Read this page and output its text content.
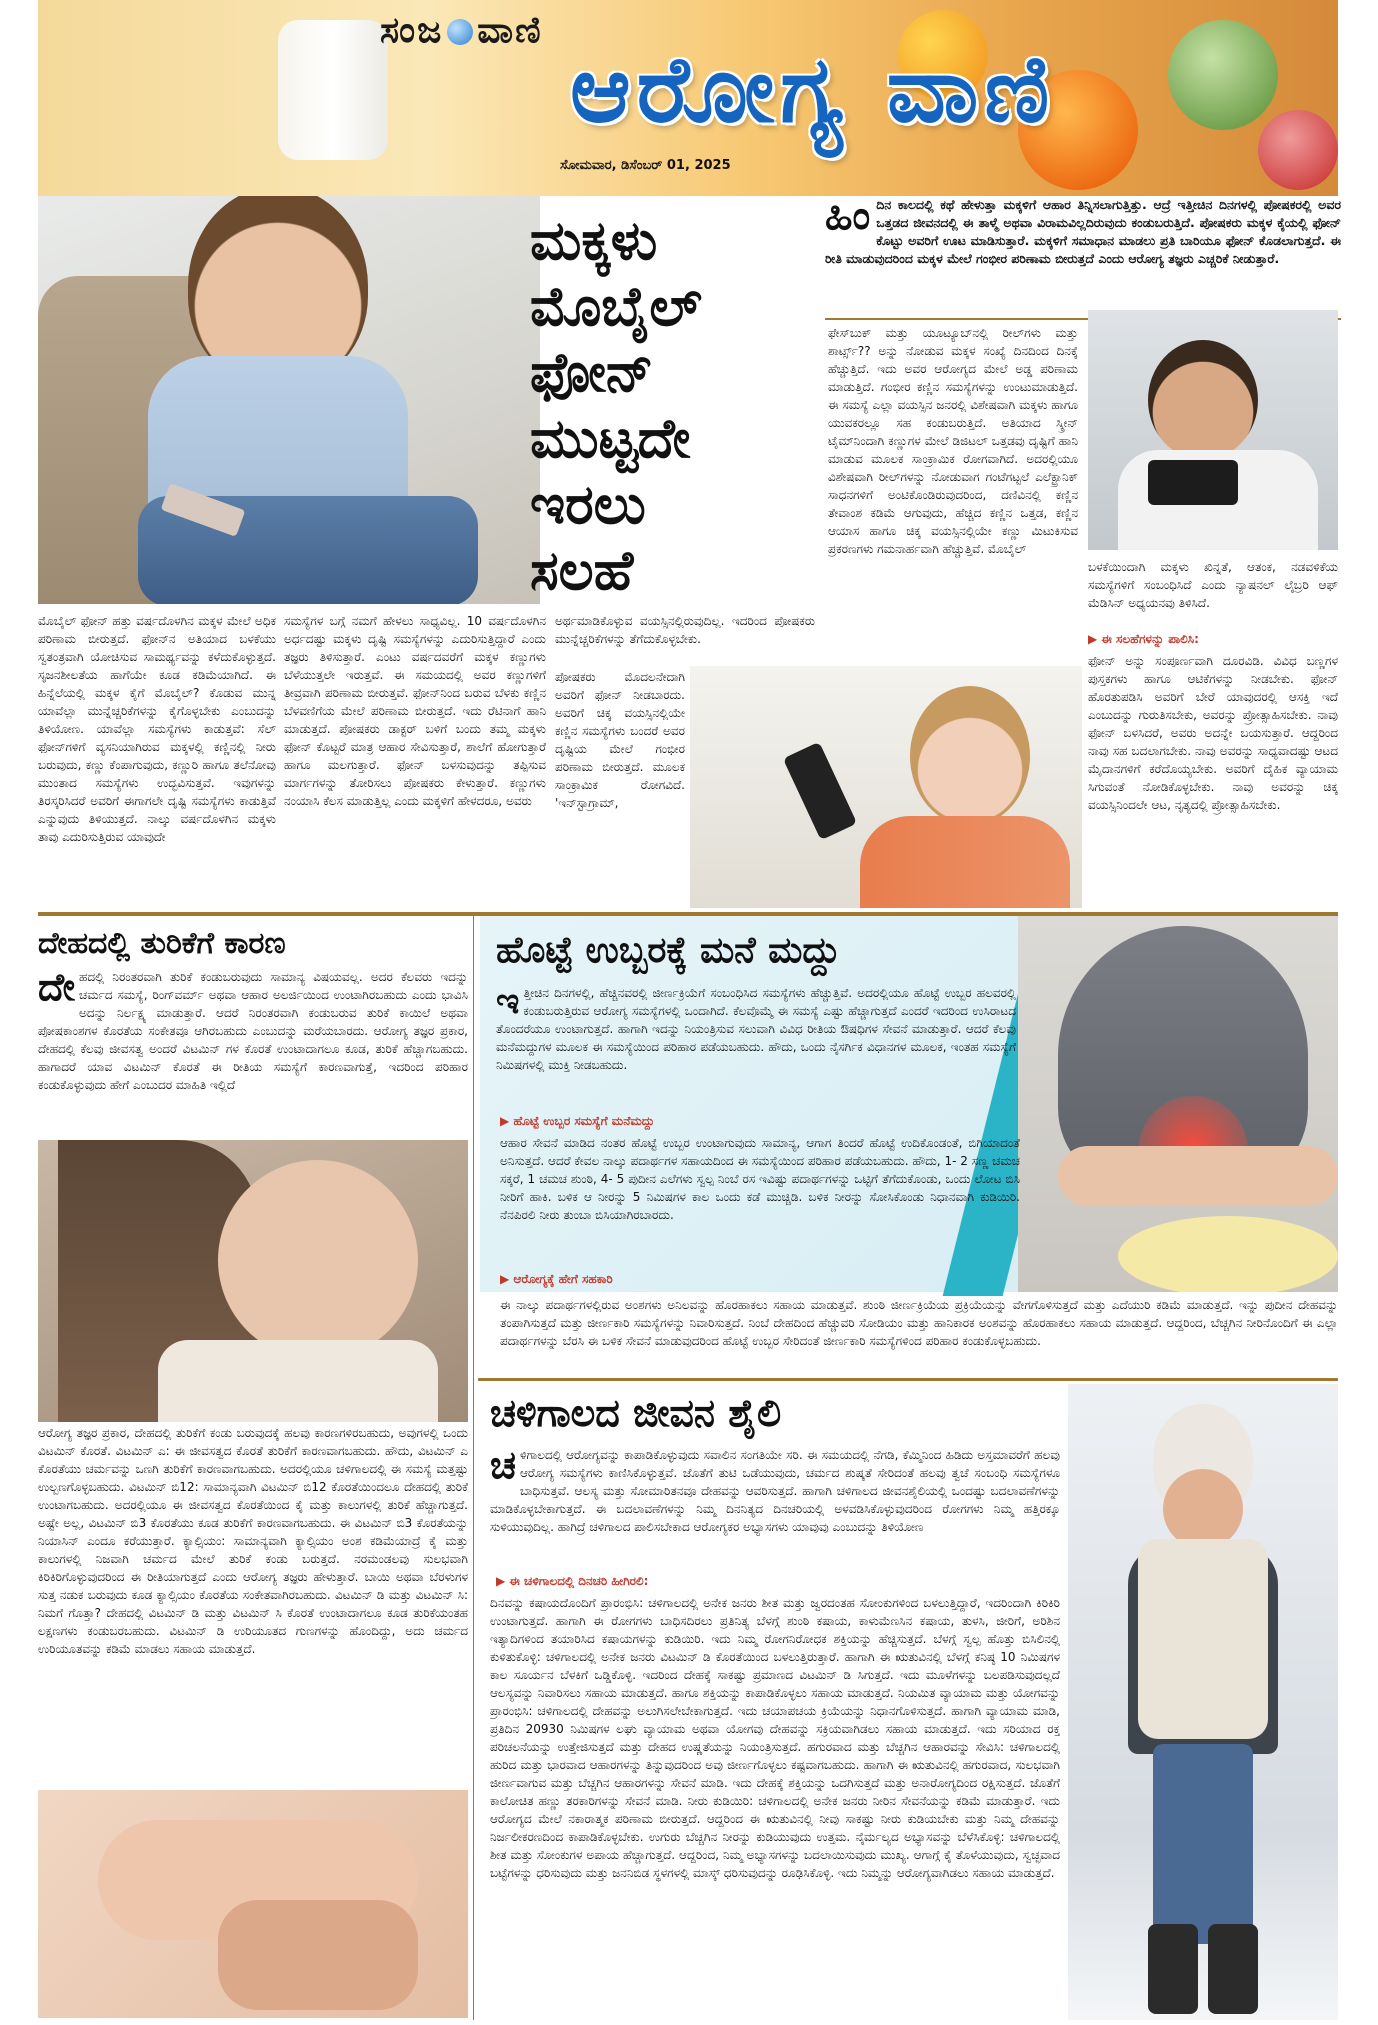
ಸಂಜ ವಾಣಿ
ಆರೋಗ್ಯ ವಾಣಿ
ಸೋಮವಾರ, ಡಿಸೆಂಬರ್ 01, 2025
ಮಕ್ಕಳು
ಮೊಬೈಲ್
ಫೋನ್
ಮುಟ್ಟದೇ
ಇರಲು
ಸಲಹೆ
ಹಿಂದಿನ ಕಾಲದಲ್ಲಿ ಕಥೆ ಹೇಳುತ್ತಾ ಮಕ್ಕಳಿಗೆ ಆಹಾರ ತಿನ್ನಿಸಲಾಗುತ್ತಿತ್ತು. ಆದ್ರೆ ಇತ್ತೀಚಿನ ದಿನಗಳಲ್ಲಿ ಪೋಷಕರಲ್ಲಿ ಅವರ ಒತ್ತಡದ ಜೀವನದಲ್ಲಿ ಈ ತಾಳ್ಮೆ ಅಥವಾ ವಿರಾಮವಿಲ್ಲದಿರುವುದು ಕಂಡುಬರುತ್ತಿದೆ. ಪೋಷಕರು ಮಕ್ಕಳ ಕೈಯಲ್ಲಿ ಫೋನ್ ಕೊಟ್ಟು ಅವರಿಗೆ ಊಟ ಮಾಡಿಸುತ್ತಾರೆ. ಮಕ್ಕಳಿಗೆ ಸಮಾಧಾನ ಮಾಡಲು ಪ್ರತಿ ಬಾರಿಯೂ ಫೋನ್ ಕೊಡಲಾಗುತ್ತದೆ. ಈ ರೀತಿ ಮಾಡುವುದರಿಂದ ಮಕ್ಕಳ ಮೇಲೆ ಗಂಭೀರ ಪರಿಣಾಮ ಬೀರುತ್ತದೆ ಎಂದು ಆರೋಗ್ಯ ತಜ್ಞರು ಎಚ್ಚರಿಕೆ ನೀಡುತ್ತಾರೆ.
ಫೇಸ್‌ಬುಕ್ ಮತ್ತು ಯೂಟ್ಯೂಬ್‌ನಲ್ಲಿ ರೀಲ್‌ಗಳು ಮತ್ತು ಶಾರ್ಟ್ಸ್?? ಅನ್ನು ನೋಡುವ ಮಕ್ಕಳ ಸಂಖ್ಯೆ ದಿನದಿಂದ ದಿನಕ್ಕೆ ಹೆಚ್ಚುತ್ತಿದೆ. ಇದು ಅವರ ಆರೋಗ್ಯದ ಮೇಲೆ ಅಡ್ಡ ಪರಿಣಾಮ ಮಾಡುತ್ತಿದೆ. ಗಂಭೀರ ಕಣ್ಣಿನ ಸಮಸ್ಯೆಗಳನ್ನು ಉಂಟುಮಾಡುತ್ತಿದೆ. ಈ ಸಮಸ್ಯೆ ಎಲ್ಲಾ ವಯಸ್ಸಿನ ಜನರಲ್ಲಿ ವಿಶೇಷವಾಗಿ ಮಕ್ಕಳು ಹಾಗೂ ಯುವಕರಲ್ಲೂ ಸಹ ಕಂಡುಬರುತ್ತಿದೆ. ಅತಿಯಾದ ಸ್ಕ್ರೀನ್ ಟೈಮ್‌ನಿಂದಾಗಿ ಕಣ್ಣುಗಳ ಮೇಲೆ ಡಿಜಿಟಲ್ ಒತ್ತಡವು ದೃಷ್ಟಿಗೆ ಹಾನಿ ಮಾಡುವ ಮೂಲಕ ಸಾಂಕ್ರಾಮಿಕ ರೋಗವಾಗಿದೆ. ಅದರಲ್ಲಿಯೂ ವಿಶೇಷವಾಗಿ ರೀಲ್‌ಗಳನ್ನು ನೋಡುವಾಗ ಗಂಟೆಗಟ್ಟಲೆ ಎಲೆಕ್ಟ್ರಾನಿಕ್ ಸಾಧನಗಳಿಗೆ ಅಂಟಿಕೊಂಡಿರುವುದರಿಂದ, ದಣಿವಿನಲ್ಲಿ ಕಣ್ಣಿನ ತೇವಾಂಶ ಕಡಿಮೆ ಆಗುವುದು, ಹೆಚ್ಚಿದ ಕಣ್ಣಿನ ಒತ್ತಡ, ಕಣ್ಣಿನ ಆಯಾಸ ಹಾಗೂ ಚಿಕ್ಕ ವಯಸ್ಸಿನಲ್ಲಿಯೇ ಕಣ್ಣು ಮಿಟುಕಿಸುವ ಪ್ರಕರಣಗಳು ಗಮನಾರ್ಹವಾಗಿ ಹೆಚ್ಚುತ್ತಿವೆ. ಮೊಬೈಲ್
ಬಳಕೆಯಿಂದಾಗಿ ಮಕ್ಕಳು ಖಿನ್ನತೆ, ಆತಂಕ, ನಡವಳಿಕೆಯ ಸಮಸ್ಯೆಗಳಿಗೆ ಸಂಬಂಧಿಸಿದೆ ಎಂದು ನ್ಯಾಷನಲ್ ಲೈಬ್ರರಿ ಆಫ್ ಮೆಡಿಸಿನ್ ಅಧ್ಯಯನವು ತಿಳಿಸಿದೆ.
▶ ಈ ಸಲಹೆಗಳನ್ನು ಪಾಲಿಸಿ:
ಫೋನ್ ಅನ್ನು ಸಂಪೂರ್ಣವಾಗಿ ದೂರವಿಡಿ. ವಿವಿಧ ಬಣ್ಣಗಳ ಪುಸ್ತಕಗಳು ಹಾಗೂ ಆಟಿಕೆಗಳನ್ನು ನೀಡಬೇಕು. ಫೋನ್ ಹೊರತುಪಡಿಸಿ ಅವರಿಗೆ ಬೇರೆ ಯಾವುದರಲ್ಲಿ ಆಸಕ್ತಿ ಇದೆ ಎಂಬುದನ್ನು ಗುರುತಿಸಬೇಕು, ಅವರನ್ನು ಪ್ರೋತ್ಸಾಹಿಸಬೇಕು. ನಾವು ಫೋನ್ ಬಳಸಿದರೆ, ಅವರು ಅದನ್ನೇ ಬಯಸುತ್ತಾರೆ. ಆದ್ದರಿಂದ ನಾವು ಸಹ ಬದಲಾಗಬೇಕು. ನಾವು ಅವರನ್ನು ಸಾಧ್ಯವಾದಷ್ಟು ಆಟದ ಮೈದಾನಗಳಿಗೆ ಕರೆದೊಯ್ಯಬೇಕು. ಅವರಿಗೆ ದೈಹಿಕ ವ್ಯಾಯಾಮ ಸಿಗುವಂತೆ ನೋಡಿಕೊಳ್ಳಬೇಕು. ನಾವು ಅವರನ್ನು ಚಿಕ್ಕ ವಯಸ್ಸಿನಿಂದಲೇ ಆಟ, ನೃತ್ಯದಲ್ಲಿ ಪ್ರೋತ್ಸಾಹಿಸಬೇಕು.
ಮೊಬೈಲ್ ಫೋನ್ ಹತ್ತು ವರ್ಷದೊಳಗಿನ ಮಕ್ಕಳ ಮೇಲೆ ಅಧಿಕ ಪರಿಣಾಮ ಬೀರುತ್ತದೆ. ಫೋನ್‌ನ ಅತಿಯಾದ ಬಳಕೆಯು ಸ್ವತಂತ್ರವಾಗಿ ಯೋಚಿಸುವ ಸಾಮರ್ಥ್ಯವನ್ನು ಕಳೆದುಕೊಳ್ಳುತ್ತದೆ. ಸೃಜನಶೀಲತೆಯ ಹಾಗೆಯೇ ಕೂಡ ಕಡಿಮೆಯಾಗಿದೆ. ಈ ಹಿನ್ನೆಲೆಯಲ್ಲಿ ಮಕ್ಕಳ ಕೈಗೆ ಮೊಬೈಲ್? ಕೊಡುವ ಮುನ್ನ ಯಾವೆಲ್ಲಾ ಮುನ್ನೆಚ್ಚರಿಕೆಗಳನ್ನು ಕೈಗೊಳ್ಳಬೇಕು ಎಂಬುದನ್ನು ತಿಳಿಯೋಣ. ಯಾವೆಲ್ಲಾ ಸಮಸ್ಯೆಗಳು ಕಾಡುತ್ತವೆ: ಸೆಲ್ ಫೋನ್‌ಗಳಿಗೆ ವ್ಯಸನಿಯಾಗಿರುವ ಮಕ್ಕಳಲ್ಲಿ ಕಣ್ಣಿನಲ್ಲಿ ನೀರು ಬರುವುದು, ಕಣ್ಣು ಕೆಂಪಾಗುವುದು, ಕಣ್ಣುರಿ ಹಾಗೂ ತಲೆನೋವು ಮುಂತಾದ ಸಮಸ್ಯೆಗಳು ಉದ್ಭವಿಸುತ್ತವೆ. ಇವುಗಳನ್ನು ತಿರಸ್ಕರಿಸಿದರೆ ಅವರಿಗೆ ಈಗಾಗಲೇ ದೃಷ್ಟಿ ಸಮಸ್ಯೆಗಳು ಕಾಡುತ್ತಿವೆ ಎನ್ನುವುದು ತಿಳಿಯುತ್ತದೆ. ನಾಲ್ಕು ವರ್ಷದೊಳಗಿನ ಮಕ್ಕಳು ತಾವು ಎದುರಿಸುತ್ತಿರುವ ಯಾವುದೇ
ಸಮಸ್ಯೆಗಳ ಬಗ್ಗೆ ನಮಗೆ ಹೇಳಲು ಸಾಧ್ಯವಿಲ್ಲ. 10 ವರ್ಷದೊಳಗಿನ ಅರ್ಧದಷ್ಟು ಮಕ್ಕಳು ದೃಷ್ಟಿ ಸಮಸ್ಯೆಗಳನ್ನು ಎದುರಿಸುತ್ತಿದ್ದಾರೆ ಎಂದು ತಜ್ಞರು ತಿಳಿಸುತ್ತಾರೆ. ಎಂಟು ವರ್ಷದವರೆಗೆ ಮಕ್ಕಳ ಕಣ್ಣುಗಳು ಬೆಳೆಯುತ್ತಲೇ ಇರುತ್ತವೆ. ಈ ಸಮಯದಲ್ಲಿ ಅವರ ಕಣ್ಣುಗಳಿಗೆ ತೀವ್ರವಾಗಿ ಪರಿಣಾಮ ಬೀರುತ್ತವೆ. ಫೋನ್‌ನಿಂದ ಬರುವ ಬೆಳಕು ಕಣ್ಣಿನ ಬೆಳವಣಿಗೆಯ ಮೇಲೆ ಪರಿಣಾಮ ಬೀರುತ್ತದೆ. ಇದು ರೆಟಿನಾಗೆ ಹಾನಿ ಮಾಡುತ್ತದೆ. ಪೋಷಕರು ಡಾಕ್ಟರ್ ಬಳಿಗೆ ಬಂದು ತಮ್ಮ ಮಕ್ಕಳು ಫೋನ್ ಕೊಟ್ಟರೆ ಮಾತ್ರ ಆಹಾರ ಸೇವಿಸುತ್ತಾರೆ, ಶಾಲೆಗೆ ಹೋಗುತ್ತಾರೆ ಹಾಗೂ ಮಲಗುತ್ತಾರೆ. ಫೋನ್ ಬಳಸುವುದನ್ನು ತಪ್ಪಿಸುವ ಮಾರ್ಗಗಳನ್ನು ತೋರಿಸಲು ಪೋಷಕರು ಕೇಳುತ್ತಾರೆ. ಕಣ್ಣುಗಳು ನಂಯಾಸಿ ಕೆಲಸ ಮಾಡುತ್ತಿಲ್ಲ ಎಂದು ಮಕ್ಕಳಿಗೆ ಹೇಳದರೂ, ಅವರು
ಅರ್ಥಮಾಡಿಕೊಳ್ಳುವ ವಯಸ್ಸಿನಲ್ಲಿರುವುದಿಲ್ಲ. ಇದರಿಂದ ಪೋಷಕರು ಮುನ್ನೆಚ್ಚರಿಕೆಗಳನ್ನು ತೆಗೆದುಕೊಳ್ಳಬೇಕು.
ಪೋಷಕರು ಮೊದಲನೇದಾಗಿ ಅವರಿಗೆ ಫೋನ್ ನೀಡಬಾರದು. ಅವರಿಗೆ ಚಿಕ್ಕ ವಯಸ್ಸಿನಲ್ಲಿಯೇ ಕಣ್ಣಿನ ಸಮಸ್ಯೆಗಳು ಬಂದರೆ ಅವರ ದೃಷ್ಟಿಯ ಮೇಲೆ ಗಂಭೀರ ಪರಿಣಾಮ ಬೀರುತ್ತದೆ. ಮೂಲಕ ಸಾಂಕ್ರಾಮಿಕ ರೋಗವಿದೆ. 'ಇನ್‌ಸ್ಟಾಗ್ರಾಮ್,
ದೇಹದಲ್ಲಿ ತುರಿಕೆಗೆ ಕಾರಣ
ದೇಹದಲ್ಲಿ ನಿರಂತರವಾಗಿ ತುರಿಕೆ ಕಂಡುಬರುವುದು ಸಾಮಾನ್ಯ ವಿಷಯವಲ್ಲ. ಅದರ ಕೆಲವರು ಇದನ್ನು ಚರ್ಮದ ಸಮಸ್ಯೆ, ರಿಂಗ್‌ವರ್ಮ್ ಅಥವಾ ಆಹಾರ ಅಲರ್ಜಿಯಿಂದ ಉಂಟಾಗಿರಬಹುದು ಎಂದು ಭಾವಿಸಿ ಅದನ್ನು ನಿರ್ಲಕ್ಷ್ಯ ಮಾಡುತ್ತಾರೆ. ಆದರೆ ನಿರಂತರವಾಗಿ ಕಂಡುಬರುವ ತುರಿಕೆ ಕಾಯಿಲೆ ಅಥವಾ ಪೋಷಕಾಂಶಗಳ ಕೊರತೆಯ ಸಂಕೇತವೂ ಆಗಿರಬಹುದು ಎಂಬುದನ್ನು ಮರೆಯಬಾರದು. ಆರೋಗ್ಯ ತಜ್ಞರ ಪ್ರಕಾರ, ದೇಹದಲ್ಲಿ ಕೆಲವು ಜೀವಸತ್ವ ಅಂದರೆ ವಿಟಮಿನ್ ಗಳ ಕೊರತೆ ಉಂಟಾದಾಗಲೂ ಕೂಡ, ತುರಿಕೆ ಹೆಚ್ಚಾಗಬಹುದು. ಹಾಗಾದರೆ ಯಾವ ವಿಟಮಿನ್ ಕೊರತೆ ಈ ರೀತಿಯ ಸಮಸ್ಯೆಗೆ ಕಾರಣವಾಗುತ್ತೆ, ಇದರಿಂದ ಪರಿಹಾರ ಕಂಡುಕೊಳ್ಳುವುದು ಹೇಗೆ ಎಂಬುದರ ಮಾಹಿತಿ ಇಲ್ಲಿದೆ
ಆರೋಗ್ಯ ತಜ್ಞರ ಪ್ರಕಾರ, ದೇಹದಲ್ಲಿ ತುರಿಕೆಗೆ ಕಂಡು ಬರುವುದಕ್ಕೆ ಹಲವು ಕಾರಣಗಳಿರಬಹುದು, ಅವುಗಳಲ್ಲಿ ಒಂದು ವಿಟಮಿನ್ ಕೊರತೆ. ವಿಟಮಿನ್ ಎ: ಈ ಜೀವಸತ್ವದ ಕೊರತೆ ತುರಿಕೆಗೆ ಕಾರಣವಾಗಬಹುದು. ಹೌದು, ವಿಟಮಿನ್ ಎ ಕೊರತೆಯು ಚರ್ಮವನ್ನು ಒಣಗಿ ತುರಿಕೆಗೆ ಕಾರಣವಾಗಬಹುದು. ಅದರಲ್ಲಿಯೂ ಚಳಿಗಾಲದಲ್ಲಿ ಈ ಸಮಸ್ಯೆ ಮತ್ತಷ್ಟು ಉಲ್ಬಣಗೊಳ್ಳಬಹುದು. ವಿಟಮಿನ್ ಬಿ12: ಸಾಮಾನ್ಯವಾಗಿ ವಿಟಮಿನ್ ಬಿ12 ಕೊರತೆಯಿಂದಲೂ ದೇಹದಲ್ಲಿ ತುರಿಕೆ ಉಂಟಾಗಬಹುದು. ಅದರಲ್ಲಿಯೂ ಈ ಜೀವಸತ್ವದ ಕೊರತೆಯಿಂದ ಕೈ ಮತ್ತು ಕಾಲುಗಳಲ್ಲಿ ತುರಿಕೆ ಹೆಚ್ಚಾಗುತ್ತದೆ. ಅಷ್ಟೇ ಅಲ್ಲ, ವಿಟಮಿನ್ ಬಿ3 ಕೊರತೆಯು ಕೂಡ ತುರಿಕೆಗೆ ಕಾರಣವಾಗಬಹುದು. ಈ ವಿಟಮಿನ್ ಬಿ3 ಕೊರತೆಯನ್ನು ನಿಯಾಸಿನ್ ಎಂದೂ ಕರೆಯುತ್ತಾರೆ. ಕ್ಯಾಲ್ಸಿಯಂ: ಸಾಮಾನ್ಯವಾಗಿ ಕ್ಯಾಲ್ಸಿಯಂ ಅಂಶ ಕಡಿಮೆಯಾದ್ರೆ ಕೈ ಮತ್ತು ಕಾಲುಗಳಲ್ಲಿ ನಿಜವಾಗಿ ಚರ್ಮದ ಮೇಲೆ ತುರಿಕೆ ಕಂಡು ಬರುತ್ತದೆ. ನರಮಂಡಲವು ಸುಲಭವಾಗಿ ಕಿರಿಕಿರಿಗೊಳ್ಳುವುದರಿಂದ ಈ ರೀತಿಯಾಗುತ್ತದೆ ಎಂದು ಆರೋಗ್ಯ ತಜ್ಞರು ಹೇಳುತ್ತಾರೆ. ಬಾಯಿ ಅಥವಾ ಬೆರಳುಗಳ ಸುತ್ತ ನಡುಕ ಬರುವುದು ಕೂಡ ಕ್ಯಾಲ್ಸಿಯಂ ಕೊರತೆಯ ಸಂಕೇತವಾಗಿರಬಹುದು. ವಿಟಮಿನ್ ಡಿ ಮತ್ತು ವಿಟಮಿನ್ ಸಿ: ನಿಮಗೆ ಗೊತ್ತಾ? ದೇಹದಲ್ಲಿ ವಿಟಮಿನ್ ಡಿ ಮತ್ತು ವಿಟಮಿನ್ ಸಿ ಕೊರತೆ ಉಂಟಾದಾಗಲೂ ಕೂಡ ತುರಿಕೆಯಂತಹ ಲಕ್ಷಣಗಳು ಕಂಡುಬರಬಹುದು. ವಿಟಮಿನ್ ಡಿ ಉರಿಯೂತದ ಗುಣಗಳನ್ನು ಹೊಂದಿದ್ದು, ಅದು ಚರ್ಮದ ಉರಿಯೂತವನ್ನು ಕಡಿಮೆ ಮಾಡಲು ಸಹಾಯ ಮಾಡುತ್ತದೆ.
ಹೊಟ್ಟೆ ಉಬ್ಬರಕ್ಕೆ ಮನೆ ಮದ್ದು
ಇತ್ತೀಚಿನ ದಿನಗಳಲ್ಲಿ, ಹೆಚ್ಚಿನವರಲ್ಲಿ ಜೀರ್ಣಕ್ರಿಯೆಗೆ ಸಂಬಂಧಿಸಿದ ಸಮಸ್ಯೆಗಳು ಹೆಚ್ಚುತ್ತಿವೆ. ಅದರಲ್ಲಿಯೂ ಹೊಟ್ಟೆ ಉಬ್ಬರ ಹಲವರಲ್ಲಿ ಕಂಡುಬರುತ್ತಿರುವ ಆರೋಗ್ಯ ಸಮಸ್ಯೆಗಳಲ್ಲಿ ಒಂದಾಗಿದೆ. ಕೆಲವೊಮ್ಮೆ ಈ ಸಮಸ್ಯೆ ಎಷ್ಟು ಹೆಚ್ಚಾಗುತ್ತದೆ ಎಂದರೆ ಇದರಿಂದ ಉಸಿರಾಟದ ತೊಂದರೆಯೂ ಉಂಟಾಗುತ್ತದೆ. ಹಾಗಾಗಿ ಇದನ್ನು ನಿಯಂತ್ರಿಸುವ ಸಲುವಾಗಿ ವಿವಿಧ ರೀತಿಯ ಔಷಧಿಗಳ ಸೇವನೆ ಮಾಡುತ್ತಾರೆ. ಆದರೆ ಕೆಲವು ಮನೆಮದ್ದುಗಳ ಮೂಲಕ ಈ ಸಮಸ್ಯೆಯಿಂದ ಪರಿಹಾರ ಪಡೆಯಬಹುದು. ಹೌದು, ಒಂದು ನೈಸರ್ಗಿಕ ವಿಧಾನಗಳ ಮೂಲಕ, ಇಂತಹ ಸಮಸ್ಯೆಗೆ ನಿಮಿಷಗಳಲ್ಲಿ ಮುಕ್ತಿ ನೀಡಬಹುದು.
▶ ಹೊಟ್ಟೆ ಉಬ್ಬರ ಸಮಸ್ಯೆಗೆ ಮನೆಮದ್ದು
ಆಹಾರ ಸೇವನೆ ಮಾಡಿದ ನಂತರ ಹೊಟ್ಟೆ ಉಬ್ಬರ ಉಂಟಾಗುವುದು ಸಾಮಾನ್ಯ, ಆಗಾಗ ತಿಂದರೆ ಹೊಟ್ಟೆ ಉದಿಕೊಂಡಂತೆ, ಬಿಗಿಯಾದಂತೆ ಅನಿಸುತ್ತದೆ. ಆದರೆ ಕೇವಲ ನಾಲ್ಕು ಪದಾರ್ಥಗಳ ಸಹಾಯದಿಂದ ಈ ಸಮಸ್ಯೆಯಿಂದ ಪರಿಹಾರ ಪಡೆಯಬಹುದು. ಹೌದು, 1- 2 ಸಣ್ಣ ಚಮಚ ಸಕ್ಕರೆ, 1 ಚಮಚ ಶುಂಠಿ, 4- 5 ಪುದೀನ ಎಲೆಗಳು ಸ್ವಲ್ಪ ನಿಂಬೆ ರಸ ಇವಿಷ್ಟು ಪದಾರ್ಥಗಳನ್ನು ಒಟ್ಟಿಗೆ ತೆಗೆದುಕೊಂಡು, ಒಂದು ಲೋಟ ಬಿಸಿ ನೀರಿಗೆ ಹಾಕಿ. ಬಳಿಕ ಆ ನೀರನ್ನು 5 ನಿಮಿಷಗಳ ಕಾಲ ಒಂದು ಕಡೆ ಮುಚ್ಚಿಡಿ. ಬಳಿಕ ನೀರನ್ನು ಸೋಸಿಕೊಂಡು ನಿಧಾನವಾಗಿ ಕುಡಿಯಿರಿ. ನೆನಪಿರಲಿ ನೀರು ತುಂಬಾ ಬಿಸಿಯಾಗಿರಬಾರದು.
▶ ಆರೋಗ್ಯಕ್ಕೆ ಹೇಗೆ ಸಹಕಾರಿ
ಈ ನಾಲ್ಕು ಪದಾರ್ಥಗಳಲ್ಲಿರುವ ಅಂಶಗಳು ಅನಿಲವನ್ನು ಹೊರಹಾಕಲು ಸಹಾಯ ಮಾಡುತ್ತವೆ. ಶುಂಠಿ ಜೀರ್ಣಕ್ರಿಯೆಯ ಪ್ರಕ್ರಿಯೆಯನ್ನು ವೇಗಗೊಳಿಸುತ್ತದೆ ಮತ್ತು ಎದೆಯುರಿ ಕಡಿಮೆ ಮಾಡುತ್ತದೆ. ಇನ್ನು ಪುದೀನ ದೇಹವನ್ನು ತಂಪಾಗಿಸುತ್ತದೆ ಮತ್ತು ಜೀರ್ಣಕಾರಿ ಸಮಸ್ಯೆಗಳನ್ನು ನಿವಾರಿಸುತ್ತದೆ. ನಿಂಬೆ ದೇಹದಿಂದ ಹೆಚ್ಚುವರಿ ಸೋಡಿಯಂ ಮತ್ತು ಹಾನಿಕಾರಕ ಅಂಶವನ್ನು ಹೊರಹಾಕಲು ಸಹಾಯ ಮಾಡುತ್ತದೆ. ಆದ್ದರಿಂದ, ಬೆಚ್ಚಗಿನ ನೀರಿನೊಂದಿಗೆ ಈ ಎಲ್ಲಾ ಪದಾರ್ಥಗಳನ್ನು ಬೆರಸಿ ಈ ಬಳಿಕ ಸೇವನೆ ಮಾಡುವುದರಿಂದ ಹೊಟ್ಟೆ ಉಬ್ಬರ ಸೇರಿದಂತೆ ಜೀರ್ಣಕಾರಿ ಸಮಸ್ಯೆಗಳಿಂದ ಪರಿಹಾರ ಕಂಡುಕೊಳ್ಳಬಹುದು.
ಚಳಿಗಾಲದ ಜೀವನ ಶೈಲಿ
ಚಳಿಗಾಲದಲ್ಲಿ ಆರೋಗ್ಯವನ್ನು ಕಾಪಾಡಿಕೊಳ್ಳುವುದು ಸವಾಲಿನ ಸಂಗತಿಯೇ ಸರಿ. ಈ ಸಮಯದಲ್ಲಿ ನೆಗಡಿ, ಕೆಮ್ಮಿನಿಂದ ಹಿಡಿದು ಅಸ್ತಮಾವರೆಗೆ ಹಲವು ಆರೋಗ್ಯ ಸಮಸ್ಯೆಗಳು ಕಾಣಿಸಿಕೊಳ್ಳುತ್ತವೆ. ಜೊತೆಗೆ ತುಟಿ ಒಡೆಯುವುದು, ಚರ್ಮದ ಶುಷ್ಕತೆ ಸೇರಿದಂತೆ ಹಲವು ತ್ವಚೆ ಸಂಬಂಧಿ ಸಮಸ್ಯೆಗಳೂ ಬಾಧಿಸುತ್ತವೆ. ಆಲಸ್ಯ ಮತ್ತು ಸೋಮಾರಿತನವೂ ದೇಹವನ್ನು ಆವರಿಸುತ್ತದೆ. ಹಾಗಾಗಿ ಚಳಿಗಾಲದ ಜೀವನಶೈಲಿಯಲ್ಲಿ ಒಂದಷ್ಟು ಬದಲಾವಣೆಗಳನ್ನು ಮಾಡಿಕೊಳ್ಳಬೇಕಾಗುತ್ತದೆ. ಈ ಬದಲಾವಣೆಗಳನ್ನು ನಿಮ್ಮ ದಿನನಿತ್ಯದ ದಿನಚರಿಯಲ್ಲಿ ಅಳವಡಿಸಿಕೊಳ್ಳುವುದರಿಂದ ರೋಗಗಳು ನಿಮ್ಮ ಹತ್ತಿರಕ್ಕೂ ಸುಳಿಯುವುದಿಲ್ಲ. ಹಾಗಿದ್ರೆ ಚಳಿಗಾಲದ ಪಾಲಿಸಬೇಕಾದ ಆರೋಗ್ಯಕರ ಅಭ್ಯಾಸಗಳು ಯಾವುವು ಎಂಬುದನ್ನು ತಿಳಿಯೋಣ
▶ ಈ ಚಳಿಗಾಲದಲ್ಲಿ ದಿನಚರಿ ಹೀಗಿರಲಿ:
ದಿನವನ್ನು ಕಷಾಯದೊಂದಿಗೆ ಪ್ರಾರಂಭಿಸಿ: ಚಳಿಗಾಲದಲ್ಲಿ ಅನೇಕ ಜನರು ಶೀತ ಮತ್ತು ಜ್ವರದಂತಹ ಸೋಂಕುಗಳಿಂದ ಬಳಲುತ್ತಿದ್ದಾರೆ, ಇದರಿಂದಾಗಿ ಕಿರಿಕಿರಿ ಉಂಟಾಗುತ್ತದೆ. ಹಾಗಾಗಿ ಈ ರೋಗಗಳು ಬಾಧಿಸದಿರಲು ಪ್ರತಿನಿತ್ಯ ಬೆಳಗ್ಗೆ ಶುಂಠಿ ಕಷಾಯ, ಕಾಳುಮೆಣಸಿನ ಕಷಾಯ, ತುಳಸಿ, ಜೀರಿಗೆ, ಅರಿಶಿನ ಇತ್ಯಾದಿಗಳಿಂದ ತಯಾರಿಸಿದ ಕಷಾಯಗಳನ್ನು ಕುಡಿಯಿರಿ. ಇದು ನಿಮ್ಮ ರೋಗನಿರೋಧಕ ಶಕ್ತಿಯನ್ನು ಹೆಚ್ಚಿಸುತ್ತದೆ. ಬೆಳಗ್ಗೆ ಸ್ವಲ್ಪ ಹೊತ್ತು ಬಿಸಿಲಿನಲ್ಲಿ ಕುಳಿತುಕೊಳ್ಳಿ: ಚಳಿಗಾಲದಲ್ಲಿ ಅನೇಕ ಜನರು ವಿಟಮಿನ್ ಡಿ ಕೊರತೆಯಿಂದ ಬಳಲುತ್ತಿರುತ್ತಾರೆ. ಹಾಗಾಗಿ ಈ ಋತುವಿನಲ್ಲಿ ಬೆಳಗ್ಗೆ ಕನಿಷ್ಠ 10 ನಿಮಿಷಗಳ ಕಾಲ ಸೂರ್ಯನ ಬೆಳಕಿಗೆ ಒಡ್ಡಿಕೊಳ್ಳಿ. ಇದರಿಂದ ದೇಹಕ್ಕೆ ಸಾಕಷ್ಟು ಪ್ರಮಾಣದ ವಿಟಮಿನ್ ಡಿ ಸಿಗುತ್ತದೆ. ಇದು ಮೂಳೆಗಳನ್ನು ಬಲಪಡಿಸುವುದಲ್ಲದೆ ಆಲಸ್ಯವನ್ನು ನಿವಾರಿಸಲು ಸಹಾಯ ಮಾಡುತ್ತದೆ. ಹಾಗೂ ಶಕ್ತಿಯನ್ನು ಕಾಪಾಡಿಕೊಳ್ಳಲು ಸಹಾಯ ಮಾಡುತ್ತದೆ. ನಿಯಮಿತ ವ್ಯಾಯಾಮ ಮತ್ತು ಯೋಗವನ್ನು ಪ್ರಾರಂಭಿಸಿ: ಚಳಿಗಾಲದಲ್ಲಿ ದೇಹವನ್ನು ಅಲುಗಿಸಲೇಬೇಕಾಗುತ್ತದೆ. ಇದು ಚಯಾಪಚಯ ಕ್ರಿಯೆಯನ್ನು ನಿಧಾನಗೊಳಿಸುತ್ತದೆ. ಹಾಗಾಗಿ ವ್ಯಾಯಾಮ ಮಾಡಿ, ಪ್ರತಿದಿನ 20930 ನಿಮಿಷಗಳ ಲಘು ವ್ಯಾಯಾಮ ಅಥವಾ ಯೋಗವು ದೇಹವನ್ನು ಸಕ್ರಿಯವಾಗಿಡಲು ಸಹಾಯ ಮಾಡುತ್ತದೆ. ಇದು ಸರಿಯಾದ ರಕ್ತ ಪರಿಚಲನೆಯನ್ನು ಉತ್ತೇಜಿಸುತ್ತದೆ ಮತ್ತು ದೇಹದ ಉಷ್ಣತೆಯನ್ನು ನಿಯಂತ್ರಿಸುತ್ತದೆ. ಹಗುರವಾದ ಮತ್ತು ಬೆಚ್ಚಗಿನ ಆಹಾರವನ್ನು ಸೇವಿಸಿ: ಚಳಿಗಾಲದಲ್ಲಿ ಹುರಿದ ಮತ್ತು ಭಾರವಾದ ಆಹಾರಗಳನ್ನು ತಿನ್ನುವುದರಿಂದ ಅವು ಜೀರ್ಣಗೊಳ್ಳಲು ಕಷ್ಟವಾಗಬಹುದು. ಹಾಗಾಗಿ ಈ ಋತುವಿನಲ್ಲಿ ಹಗುರವಾದ, ಸುಲಭವಾಗಿ ಜೀರ್ಣವಾಗುವ ಮತ್ತು ಬೆಚ್ಚಗಿನ ಆಹಾರಗಳನ್ನು ಸೇವನೆ ಮಾಡಿ. ಇದು ದೇಹಕ್ಕೆ ಶಕ್ತಿಯನ್ನು ಒದಗಿಸುತ್ತದೆ ಮತ್ತು ಅನಾರೋಗ್ಯದಿಂದ ರಕ್ಷಿಸುತ್ತದೆ. ಜೊತೆಗೆ ಕಾಲೋಚಿತ ಹಣ್ಣು ತರಕಾರಿಗಳನ್ನು ಸೇವನೆ ಮಾಡಿ. ನೀರು ಕುಡಿಯಿರಿ: ಚಳಿಗಾಲದಲ್ಲಿ ಅನೇಕ ಜನರು ನೀರಿನ ಸೇವನೆಯನ್ನು ಕಡಿಮೆ ಮಾಡುತ್ತಾರೆ. ಇದು ಆರೋಗ್ಯದ ಮೇಲೆ ನಕಾರಾತ್ಮಕ ಪರಿಣಾಮ ಬೀರುತ್ತದೆ. ಆದ್ದರಿಂದ ಈ ಋತುವಿನಲ್ಲಿ ನೀವು ಸಾಕಷ್ಟು ನೀರು ಕುಡಿಯಬೇಕು ಮತ್ತು ನಿಮ್ಮ ದೇಹವನ್ನು ನಿರ್ಜಲೀಕರಣದಿಂದ ಕಾಪಾಡಿಕೊಳ್ಳಬೇಕು. ಉಗುರು ಬೆಚ್ಚಗಿನ ನೀರನ್ನು ಕುಡಿಯುವುದು ಉತ್ತಮ. ನೈರ್ಮಲ್ಯದ ಅಭ್ಯಾಸವನ್ನು ಬೆಳೆಸಿಕೊಳ್ಳಿ: ಚಳಿಗಾಲದಲ್ಲಿ ಶೀತ ಮತ್ತು ಸೋಂಕುಗಳ ಅಪಾಯ ಹೆಚ್ಚಾಗುತ್ತದೆ. ಆದ್ದರಿಂದ, ನಿಮ್ಮ ಅಭ್ಯಾಸಗಳನ್ನು ಬದಲಾಯಿಸುವುದು ಮುಖ್ಯ. ಆಗಾಗ್ಗೆ ಕೈ ತೊಳೆಯುವುದು, ಸ್ವಚ್ಛವಾದ ಬಟ್ಟೆಗಳನ್ನು ಧರಿಸುವುದು ಮತ್ತು ಜನನಿಬಿಡ ಸ್ಥಳಗಳಲ್ಲಿ ಮಾಸ್ಕ್ ಧರಿಸುವುದನ್ನು ರೂಢಿಸಿಕೊಳ್ಳಿ. ಇದು ನಿಮ್ಮನ್ನು ಆರೋಗ್ಯವಾಗಿಡಲು ಸಹಾಯ ಮಾಡುತ್ತದೆ.
